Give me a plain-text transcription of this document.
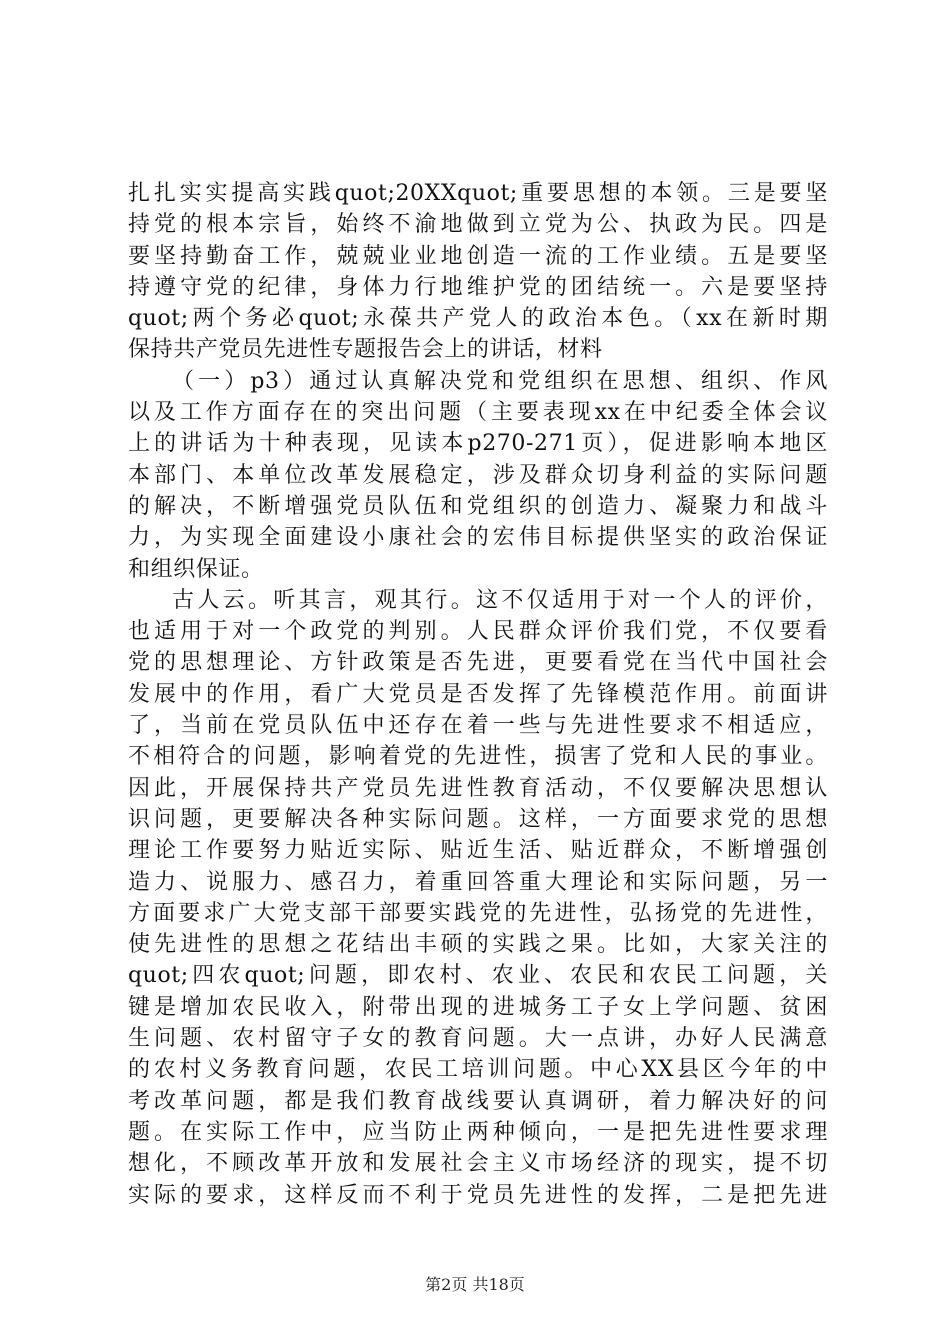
扎扎实实提高实践quot;20XXquot;重要思想的本领。三是要坚
持党的根本宗旨，始终不渝地做到立党为公、执政为民。四是
要坚持勤奋工作，兢兢业业地创造一流的工作业绩。五是要坚
持遵守党的纪律，身体力行地维护党的团结统一。六是要坚持
quot;两个务必quot;永葆共产党人的政治本色。（xx在新时期
保持共产党员先进性专题报告会上的讲话，材料
（一）p3）通过认真解决党和党组织在思想、组织、作风
以及工作方面存在的突出问题（主要表现xx在中纪委全体会议
上的讲话为十种表现，见读本p270-271页），促进影响本地区
本部门、本单位改革发展稳定，涉及群众切身利益的实际问题
的解决，不断增强党员队伍和党组织的创造力、凝聚力和战斗
力，为实现全面建设小康社会的宏伟目标提供坚实的政治保证
和组织保证。
古人云。听其言，观其行。这不仅适用于对一个人的评价，
也适用于对一个政党的判别。人民群众评价我们党，不仅要看
党的思想理论、方针政策是否先进，更要看党在当代中国社会
发展中的作用，看广大党员是否发挥了先锋模范作用。前面讲
了，当前在党员队伍中还存在着一些与先进性要求不相适应，
不相符合的问题，影响着党的先进性，损害了党和人民的事业。
因此，开展保持共产党员先进性教育活动，不仅要解决思想认
识问题，更要解决各种实际问题。这样，一方面要求党的思想
理论工作要努力贴近实际、贴近生活、贴近群众，不断增强创
造力、说服力、感召力，着重回答重大理论和实际问题，另一
方面要求广大党支部干部要实践党的先进性，弘扬党的先进性，
使先进性的思想之花结出丰硕的实践之果。比如，大家关注的
quot;四农quot;问题，即农村、农业、农民和农民工问题，关
键是增加农民收入，附带出现的进城务工子女上学问题、贫困
生问题、农村留守子女的教育问题。大一点讲，办好人民满意
的农村义务教育问题，农民工培训问题。中心XX县区今年的中
考改革问题，都是我们教育战线要认真调研，着力解决好的问
题。在实际工作中，应当防止两种倾向，一是把先进性要求理
想化，不顾改革开放和发展社会主义市场经济的现实，提不切
实际的要求，这样反而不利于党员先进性的发挥，二是把先进
第2页 共18页
